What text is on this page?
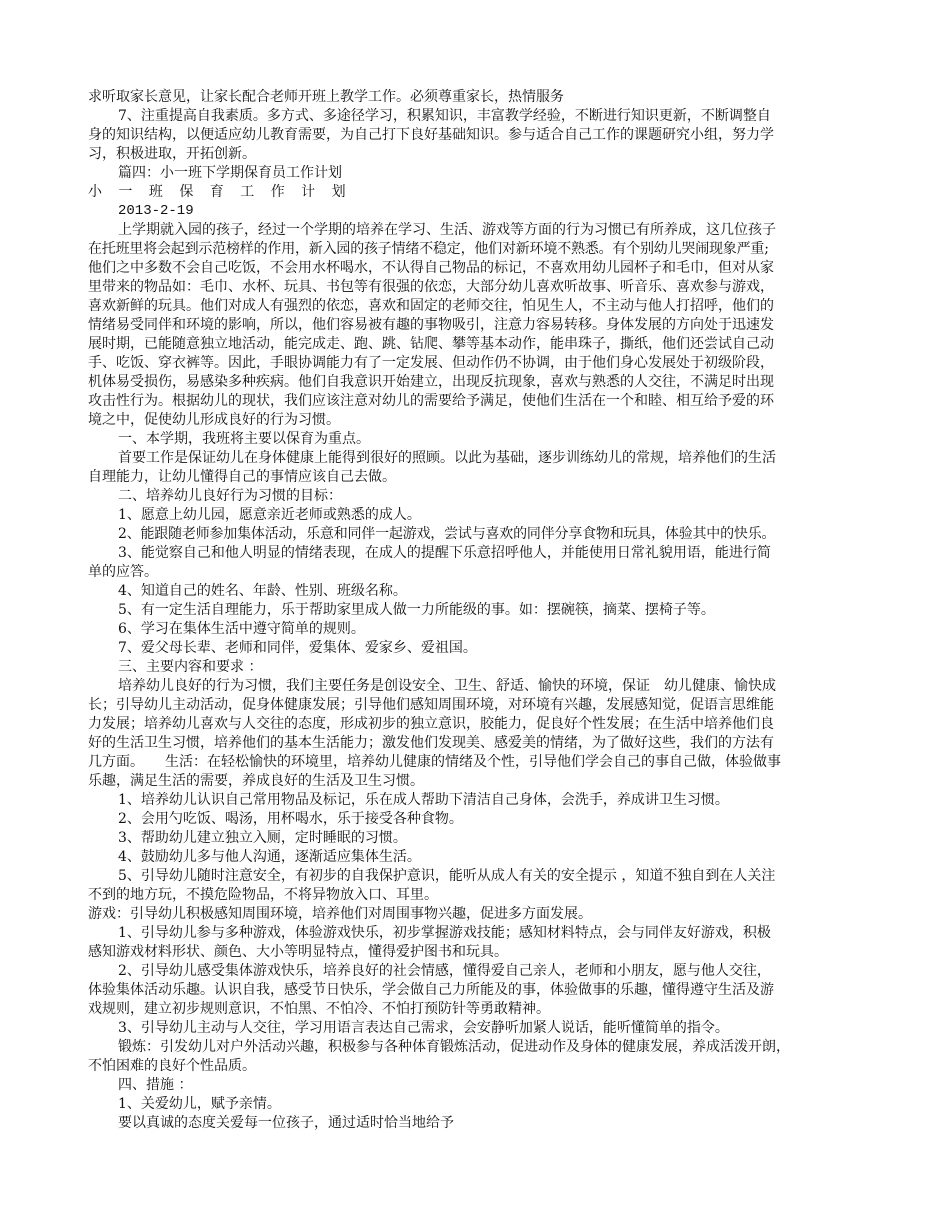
求听取家长意见，让家长配合老师开班上教学工作。必须尊重家长，热情服务
7、注重提高自我素质。多方式、多途径学习，积累知识，丰富教学经验，不断进行知识更新，不断调整自
身的知识结构，以便适应幼儿教育需要，为自己打下良好基础知识。参与适合自己工作的课题研究小组，努力学
习，积极进取，开拓创新。
篇四：小一班下学期保育员工作计划
小 一 班 保 育 工 作 计 划
2013-2-19
上学期就入园的孩子，经过一个学期的培养在学习、生活、游戏等方面的行为习惯已有所养成，这几位孩子
在托班里将会起到示范榜样的作用，新入园的孩子情绪不稳定，他们对新环境不熟悉。有个别幼儿哭闹现象严重;
他们之中多数不会自己吃饭，不会用水杯喝水，不认得自己物品的标记，不喜欢用幼儿园杯子和毛巾，但对从家
里带来的物品如：毛巾、水杯、玩具、书包等有很强的依恋，大部分幼儿喜欢听故事、听音乐、喜欢参与游戏，
喜欢新鲜的玩具。他们对成人有强烈的依恋，喜欢和固定的老师交往，怕见生人，不主动与他人打招呼，他们的
情绪易受同伴和环境的影响，所以，他们容易被有趣的事物吸引，注意力容易转移。身体发展的方向处于迅速发
展时期，已能随意独立地活动，能完成走、跑、跳、钻爬、攀等基本动作，能串珠子，撕纸，他们还尝试自己动
手、吃饭、穿衣裤等。因此，手眼协调能力有了一定发展、但动作仍不协调，由于他们身心发展处于初级阶段，
机体易受损伤，易感染多种疾病。他们自我意识开始建立，出现反抗现象，喜欢与熟悉的人交往，不满足时出现
攻击性行为。根据幼儿的现状，我们应该注意对幼儿的需要给予满足，使他们生活在一个和睦、相互给予爱的环
境之中，促使幼儿形成良好的行为习惯。
一、本学期，我班将主要以保育为重点。
首要工作是保证幼儿在身体健康上能得到很好的照顾。以此为基础，逐步训练幼儿的常规，培养他们的生活
自理能力，让幼儿懂得自己的事情应该自己去做。
二、培养幼儿良好行为习惯的目标：
1、愿意上幼儿园，愿意亲近老师或熟悉的成人。
2、能跟随老师参加集体活动，乐意和同伴一起游戏，尝试与喜欢的同伴分享食物和玩具，体验其中的快乐。
3、能觉察自己和他人明显的情绪表现，在成人的提醒下乐意招呼他人，并能使用日常礼貌用语，能进行简
单的应答。
4、知道自己的姓名、年龄、性别、班级名称。
5、有一定生活自理能力，乐于帮助家里成人做一力所能级的事。如：摆碗筷，摘菜、摆椅子等。
6、学习在集体生活中遵守简单的规则。
7、爱父母长辈、老师和同伴，爱集体、爱家乡、爱祖国。
三、主要内容和要求 ：
培养幼儿良好的行为习惯，我们主要任务是创设安全、卫生、舒适、愉快的环境，保证　幼儿健康、愉快成
长；引导幼儿主动活动，促身体健康发展；引导他们感知周围环境，对环境有兴趣，发展感知觉，促语言思维能
力发展；培养幼儿喜欢与人交往的态度，形成初步的独立意识，胶能力，促良好个性发展；在生活中培养他们良
好的生活卫生习惯，培养他们的基本生活能力；激发他们发现美、感爱美的情绪，为了做好这些，我们的方法有
几方面。　　生活：在轻松愉快的环境里，培养幼儿健康的情绪及个性，引导他们学会自己的事自己做，体验做事
乐趣，满足生活的需要，养成良好的生活及卫生习惯。
1、培养幼儿认识自己常用物品及标记，乐在成人帮助下清洁自己身体，会洗手，养成讲卫生习惯。
2、会用勺吃饭、喝汤，用杯喝水，乐于接受各种食物。
3、帮助幼儿建立独立入厕，定时睡眠的习惯。
4、鼓励幼儿多与他人沟通，逐渐适应集体生活。
5、引导幼儿随时注意安全，有初步的自我保护意识，能听从成人有关的安全提示 ，知道不独自到在人关注
不到的地方玩，不摸危险物品，不将异物放入口、耳里。
游戏：引导幼儿积极感知周围环境，培养他们对周围事物兴趣，促进多方面发展。
1、引导幼儿参与多种游戏，体验游戏快乐，初步掌握游戏技能；感知材料特点，会与同伴友好游戏，积极
感知游戏材料形状、颜色、大小等明显特点，懂得爱护图书和玩具。
2、引导幼儿感受集体游戏快乐，培养良好的社会情感，懂得爱自己亲人，老师和小朋友，愿与他人交往，
体验集体活动乐趣。认识自我，感受节日快乐，学会做自己力所能及的事，体验做事的乐趣，懂得遵守生活及游
戏规则，建立初步规则意识，不怕黑、不怕冷、不怕打预防针等勇敢精神。
3、引导幼儿主动与人交往，学习用语言表达自己需求，会安静听加紧人说话，能听懂简单的指令。
锻炼：引发幼儿对户外活动兴趣，积极参与各种体育锻炼活动，促进动作及身体的健康发展，养成活泼开朗，
不怕困难的良好个性品质。
四、措施 ：
1、关爱幼儿，赋予亲情。
要以真诚的态度关爱每一位孩子，通过适时恰当地给予
